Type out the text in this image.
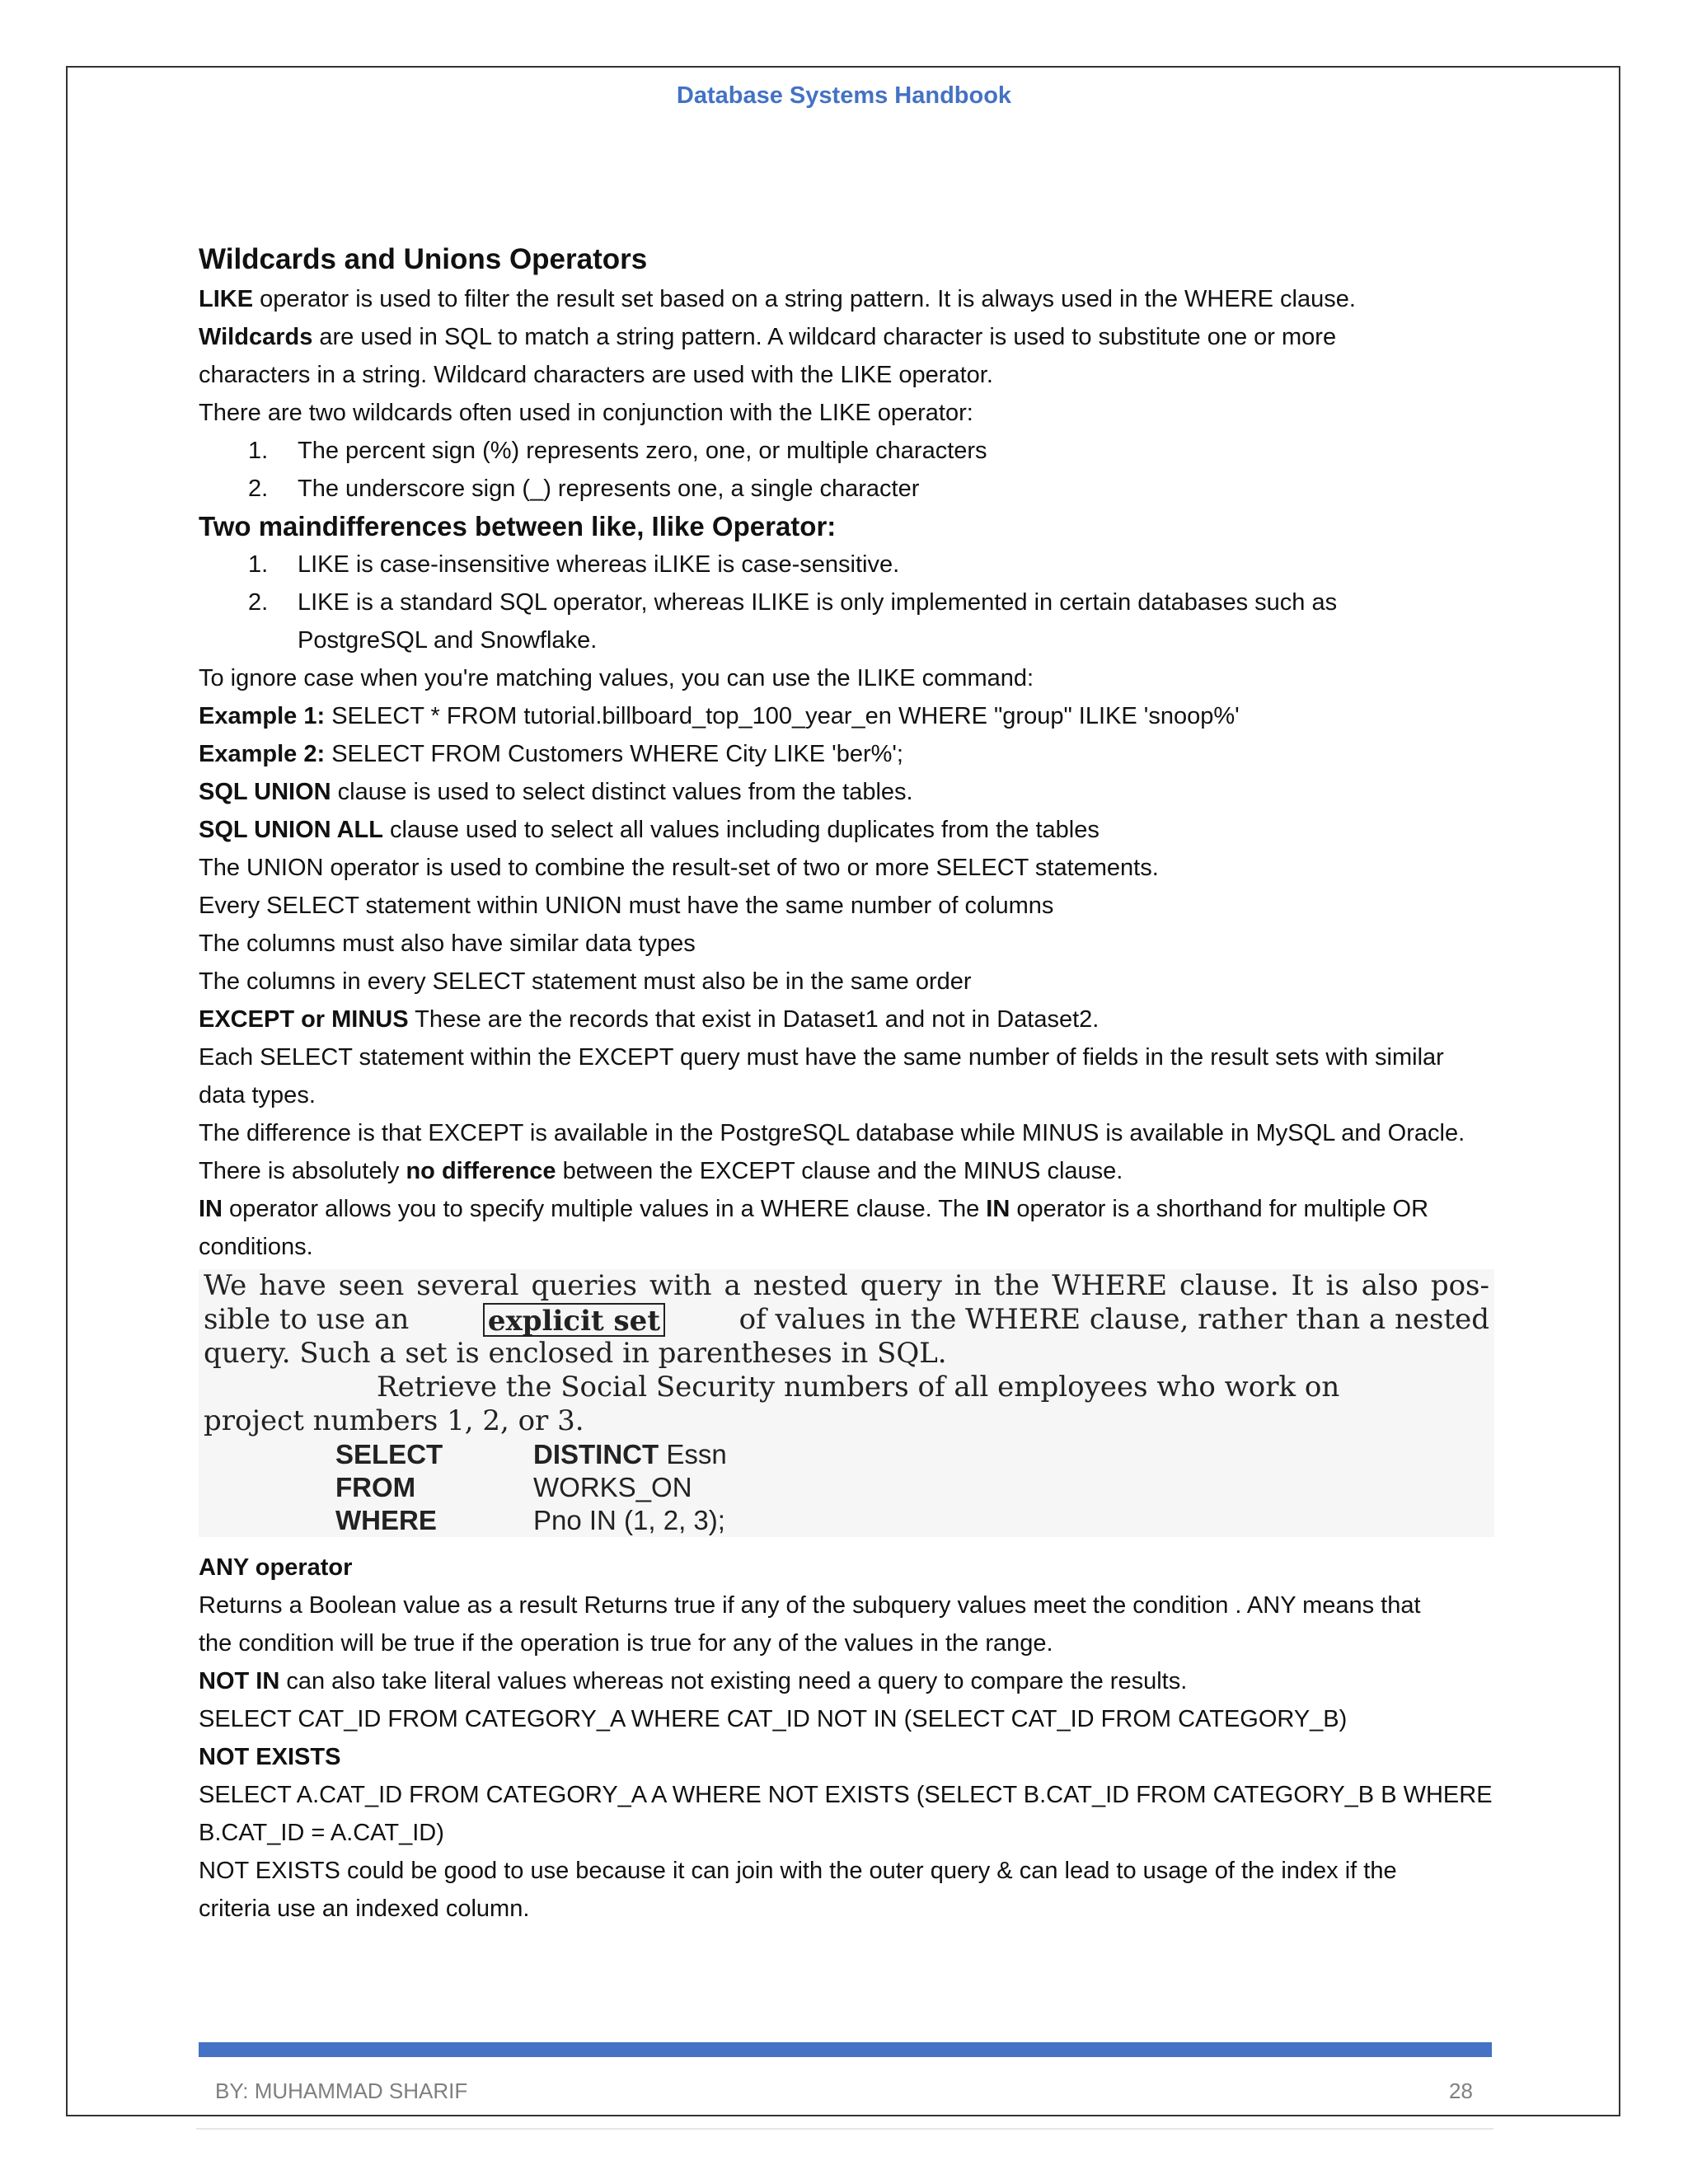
Database Systems Handbook
Wildcards and Unions Operators
LIKE operator is used to filter the result set based on a string pattern. It is always used in the WHERE clause.
Wildcards are used in SQL to match a string pattern. A wildcard character is used to substitute one or more
characters in a string. Wildcard characters are used with the LIKE operator.
There are two wildcards often used in conjunction with the LIKE operator:
1. The percent sign (%) represents zero, one, or multiple characters
2. The underscore sign (_) represents one, a single character
Two maindifferences between like, Ilike Operator:
1. LIKE is case-insensitive whereas iLIKE is case-sensitive.
2. LIKE is a standard SQL operator, whereas ILIKE is only implemented in certain databases such as
PostgreSQL and Snowflake.
To ignore case when you're matching values, you can use the ILIKE command:
Example 1: SELECT * FROM tutorial.billboard_top_100_year_en WHERE "group" ILIKE 'snoop%'
Example 2: SELECT FROM Customers WHERE City LIKE 'ber%';
SQL UNION clause is used to select distinct values from the tables.
SQL UNION ALL clause used to select all values including duplicates from the tables
The UNION operator is used to combine the result-set of two or more SELECT statements.
Every SELECT statement within UNION must have the same number of columns
The columns must also have similar data types
The columns in every SELECT statement must also be in the same order
EXCEPT or MINUS These are the records that exist in Dataset1 and not in Dataset2.
Each SELECT statement within the EXCEPT query must have the same number of fields in the result sets with similar
data types.
The difference is that EXCEPT is available in the PostgreSQL database while MINUS is available in MySQL and Oracle.
There is absolutely no difference between the EXCEPT clause and the MINUS clause.
IN operator allows you to specify multiple values in a WHERE clause. The IN operator is a shorthand for multiple OR
conditions.
We have seen several queries with a nested query in the WHERE clause. It is also pos-
sible to use an	explicit set	of values in the WHERE clause, rather than a nested
query. Such a set is enclosed in parentheses in SQL.
Retrieve the Social Security numbers of all employees who work on
project numbers 1, 2, or 3.
SELECT	DISTINCT Essn
FROM	WORKS_ON
WHERE	Pno IN (1, 2, 3);
ANY operator
Returns a Boolean value as a result Returns true if any of the subquery values meet the condition . ANY means that
the condition will be true if the operation is true for any of the values in the range.
NOT IN can also take literal values whereas not existing need a query to compare the results.
SELECT CAT_ID FROM CATEGORY_A WHERE CAT_ID NOT IN (SELECT CAT_ID FROM CATEGORY_B)
NOT EXISTS
SELECT A.CAT_ID FROM CATEGORY_A A WHERE NOT EXISTS (SELECT B.CAT_ID FROM CATEGORY_B B WHERE
B.CAT_ID = A.CAT_ID)
NOT EXISTS could be good to use because it can join with the outer query & can lead to usage of the index if the
criteria use an indexed column.
BY: MUHAMMAD SHARIF	28
